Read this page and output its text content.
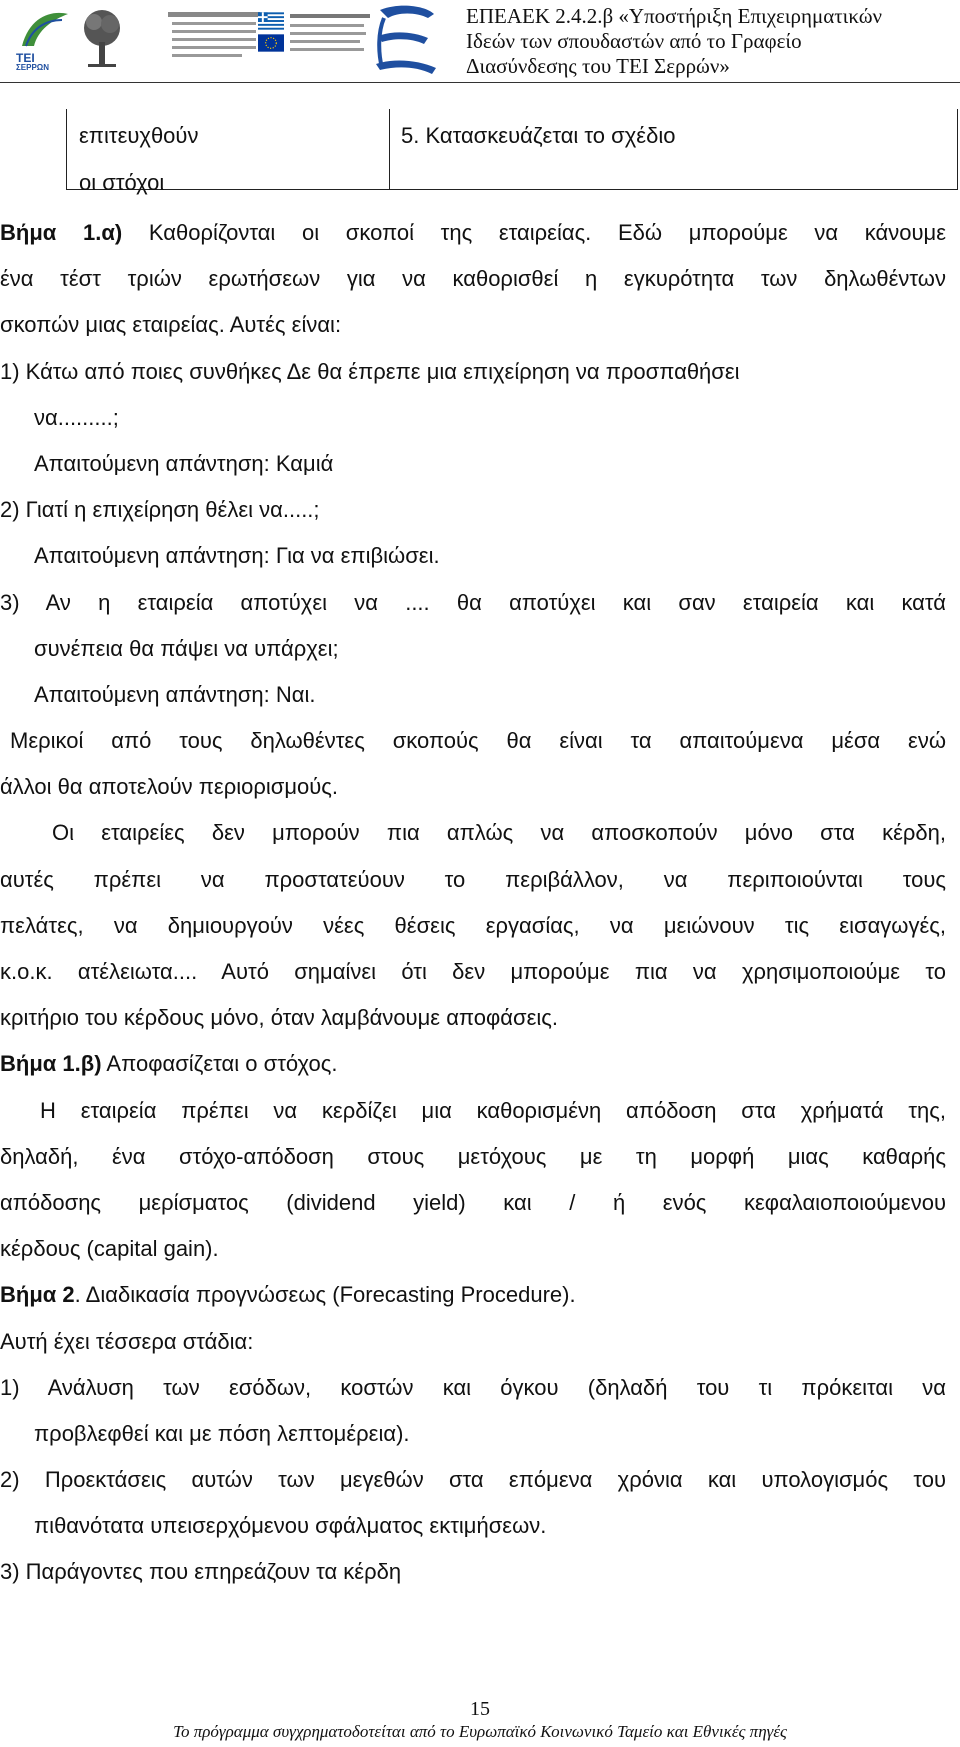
ΤΕΙ
ΣΕΡΡΩΝ
ΕΠΕΑΕΚ 2.4.2.β «Υποστήριξη Επιχειρηματικών
Ιδεών των σπουδαστών από το Γραφείο
Διασύνδεσης του ΤΕΙ Σερρών»
επιτευχθούν
οι στόχοι
5. Κατασκευάζεται το σχέδιο
Βήμα 1.α) Καθορίζονται οι σκοποί της εταιρείας. Εδώ μπορούμε να κάνουμε
ένα τέστ τριών ερωτήσεων για να καθορισθεί η εγκυρότητα των δηλωθέντων
σκοπών μιας εταιρείας. Αυτές είναι:
1) Κάτω από ποιες συνθήκες Δε θα έπρεπε μια επιχείρηση να προσπαθήσει
να.........;
Απαιτούμενη απάντηση: Καμιά
2) Γιατί η επιχείρηση θέλει να.....;
Απαιτούμενη απάντηση: Για να επιβιώσει.
3) Αν η εταιρεία αποτύχει να .... θα αποτύχει και σαν εταιρεία και κατά
συνέπεια θα πάψει να υπάρχει;
Απαιτούμενη απάντηση: Ναι.
Μερικοί από τους δηλωθέντες σκοπούς θα είναι τα απαιτούμενα μέσα ενώ
άλλοι θα αποτελούν περιορισμούς.
Οι εταιρείες δεν μπορούν πια απλώς να αποσκοπούν μόνο στα κέρδη,
αυτές πρέπει να προστατεύουν το περιβάλλον, να περιποιούνται τους
πελάτες, να δημιουργούν νέες θέσεις εργασίας, να μειώνουν τις εισαγωγές,
κ.ο.κ. ατέλειωτα.... Αυτό σημαίνει ότι δεν μπορούμε πια να χρησιμοποιούμε το
κριτήριο του κέρδους μόνο, όταν λαμβάνουμε αποφάσεις.
Βήμα 1.β) Αποφασίζεται ο στόχος.
Η εταιρεία πρέπει να κερδίζει μια καθορισμένη απόδοση στα χρήματά της,
δηλαδή, ένα στόχο-απόδοση στους μετόχους με τη μορφή μιας καθαρής
απόδοσης μερίσματος (dividend yield) και / ή ενός κεφαλαιοποιούμενου
κέρδους (capital gain).
Βήμα 2. Διαδικασία προγνώσεως (Forecasting Procedure).
Αυτή έχει τέσσερα στάδια:
1) Ανάλυση των εσόδων, κοστών και όγκου (δηλαδή του τι πρόκειται να
προβλεφθεί και με πόση λεπτομέρεια).
2) Προεκτάσεις αυτών των μεγεθών στα επόμενα χρόνια και υπολογισμός του
πιθανότατα υπεισερχόμενου σφάλματος εκτιμήσεων.
3) Παράγοντες που επηρεάζουν τα κέρδη
15
Το πρόγραμμα συγχρηματοδοτείται από το Ευρωπαϊκό Κοινωνικό Ταμείο και Εθνικές πηγές
